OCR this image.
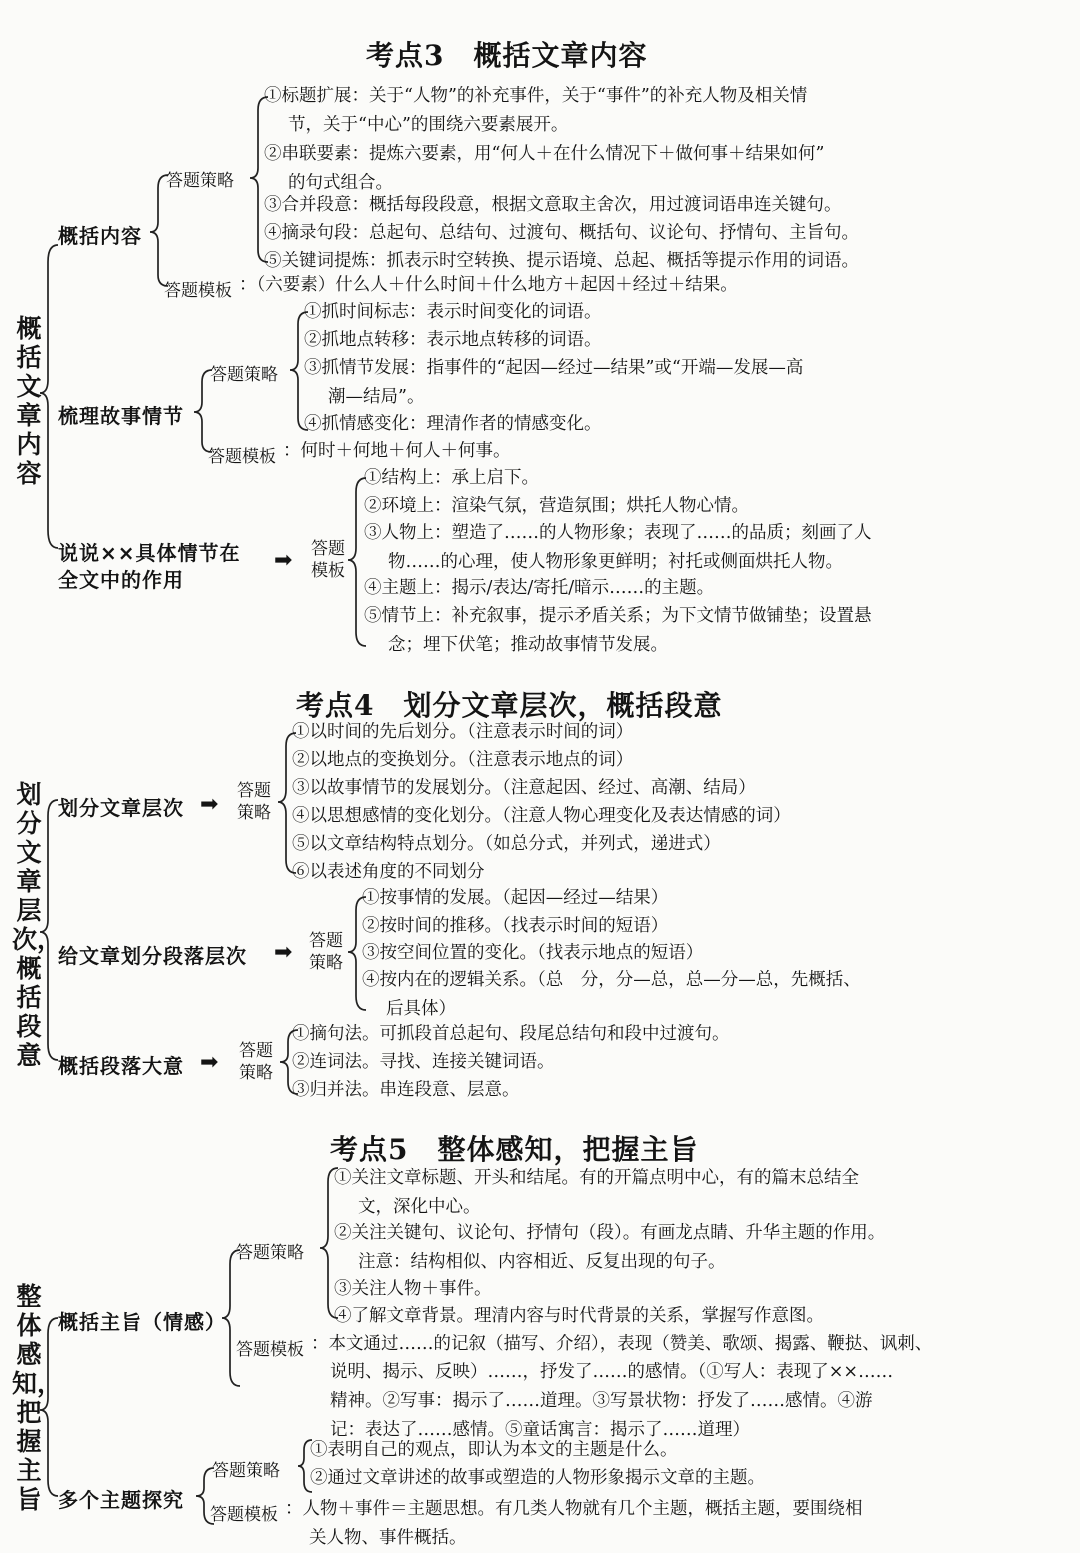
考点3　概括文章内容
概括文章内容
概括内容
答题策略
①标题扩展：关于“人物”的补充事件，关于“事件”的补充人物及相关情
节，关于“中心”的围绕六要素展开。
②串联要素：提炼六要素，用“何人＋在什么情况下＋做何事＋结果如何”
的句式组合。
③合并段意：概括每段段意，根据文意取主舍次，用过渡词语串连关键句。
④摘录句段：总起句、总结句、过渡句、概括句、议论句、抒情句、主旨句。
⑤关键词提炼：抓表示时空转换、提示语境、总起、概括等提示作用的词语。
答题模板 ：（六要素）什么人＋什么时间＋什么地方＋起因＋经过＋结果。
梳理故事情节
答题策略
①抓时间标志：表示时间变化的词语。
②抓地点转移：表示地点转移的词语。
③抓情节发展：指事件的“起因—经过—结果”或“开端—发展—高
潮—结局”。
④抓情感变化：理清作者的情感变化。
答题模板 ：何时＋何地＋何人＋何事。
说说××具体情节在
全文中的作用
➡ 答题模板
①结构上：承上启下。
②环境上：渲染气氛，营造氛围；烘托人物心情。
③人物上：塑造了……的人物形象；表现了……的品质；刻画了人
物……的心理，使人物形象更鲜明；衬托或侧面烘托人物。
④主题上：揭示/表达/寄托/暗示……的主题。
⑤情节上：补充叙事，提示矛盾关系；为下文情节做铺垫；设置悬
念；埋下伏笔；推动故事情节发展。
考点4　划分文章层次，概括段意
划分文章层次，概括段意
划分文章层次 ➡
答题策略
①以时间的先后划分。（注意表示时间的词）
②以地点的变换划分。（注意表示地点的词）
③以故事情节的发展划分。（注意起因、经过、高潮、结局）
④以思想感情的变化划分。（注意人物心理变化及表达情感的词）
⑤以文章结构特点划分。（如总分式，并列式，递进式）
⑥以表述角度的不同划分
给文章划分段落层次 ➡ 答题策略
①按事情的发展。（起因—经过—结果）
②按时间的推移。（找表示时间的短语）
③按空间位置的变化。（找表示地点的短语）
④按内在的逻辑关系。（总　分，分—总，总—分—总，先概括、
后具体）
概括段落大意 ➡ 答题策略
①摘句法。可抓段首总起句、段尾总结句和段中过渡句。
②连词法。寻找、连接关键词语。
③归并法。串连段意、层意。
考点5　整体感知，把握主旨
整体感知，把握主旨
概括主旨（情感）
答题策略
①关注文章标题、开头和结尾。有的开篇点明中心，有的篇末总结全
文，深化中心。
②关注关键句、议论句、抒情句（段）。有画龙点睛、升华主题的作用。
注意：结构相似、内容相近、反复出现的句子。
③关注人物＋事件。
④了解文章背景。理清内容与时代背景的关系，掌握写作意图。
答题模板 ：本文通过……的记叙（描写、介绍），表现（赞美、歌颂、揭露、鞭挞、讽刺、
说明、揭示、反映）……，抒发了……的感情。（①写人：表现了××……
精神。②写事：揭示了……道理。③写景状物：抒发了……感情。④游
记：表达了……感情。⑤童话寓言：揭示了……道理）
多个主题探究
答题策略
①表明自己的观点，即认为本文的主题是什么。
②通过文章讲述的故事或塑造的人物形象揭示文章的主题。
答题模板 ：人物＋事件＝主题思想。有几类人物就有几个主题，概括主题，要围绕相
关人物、事件概括。
